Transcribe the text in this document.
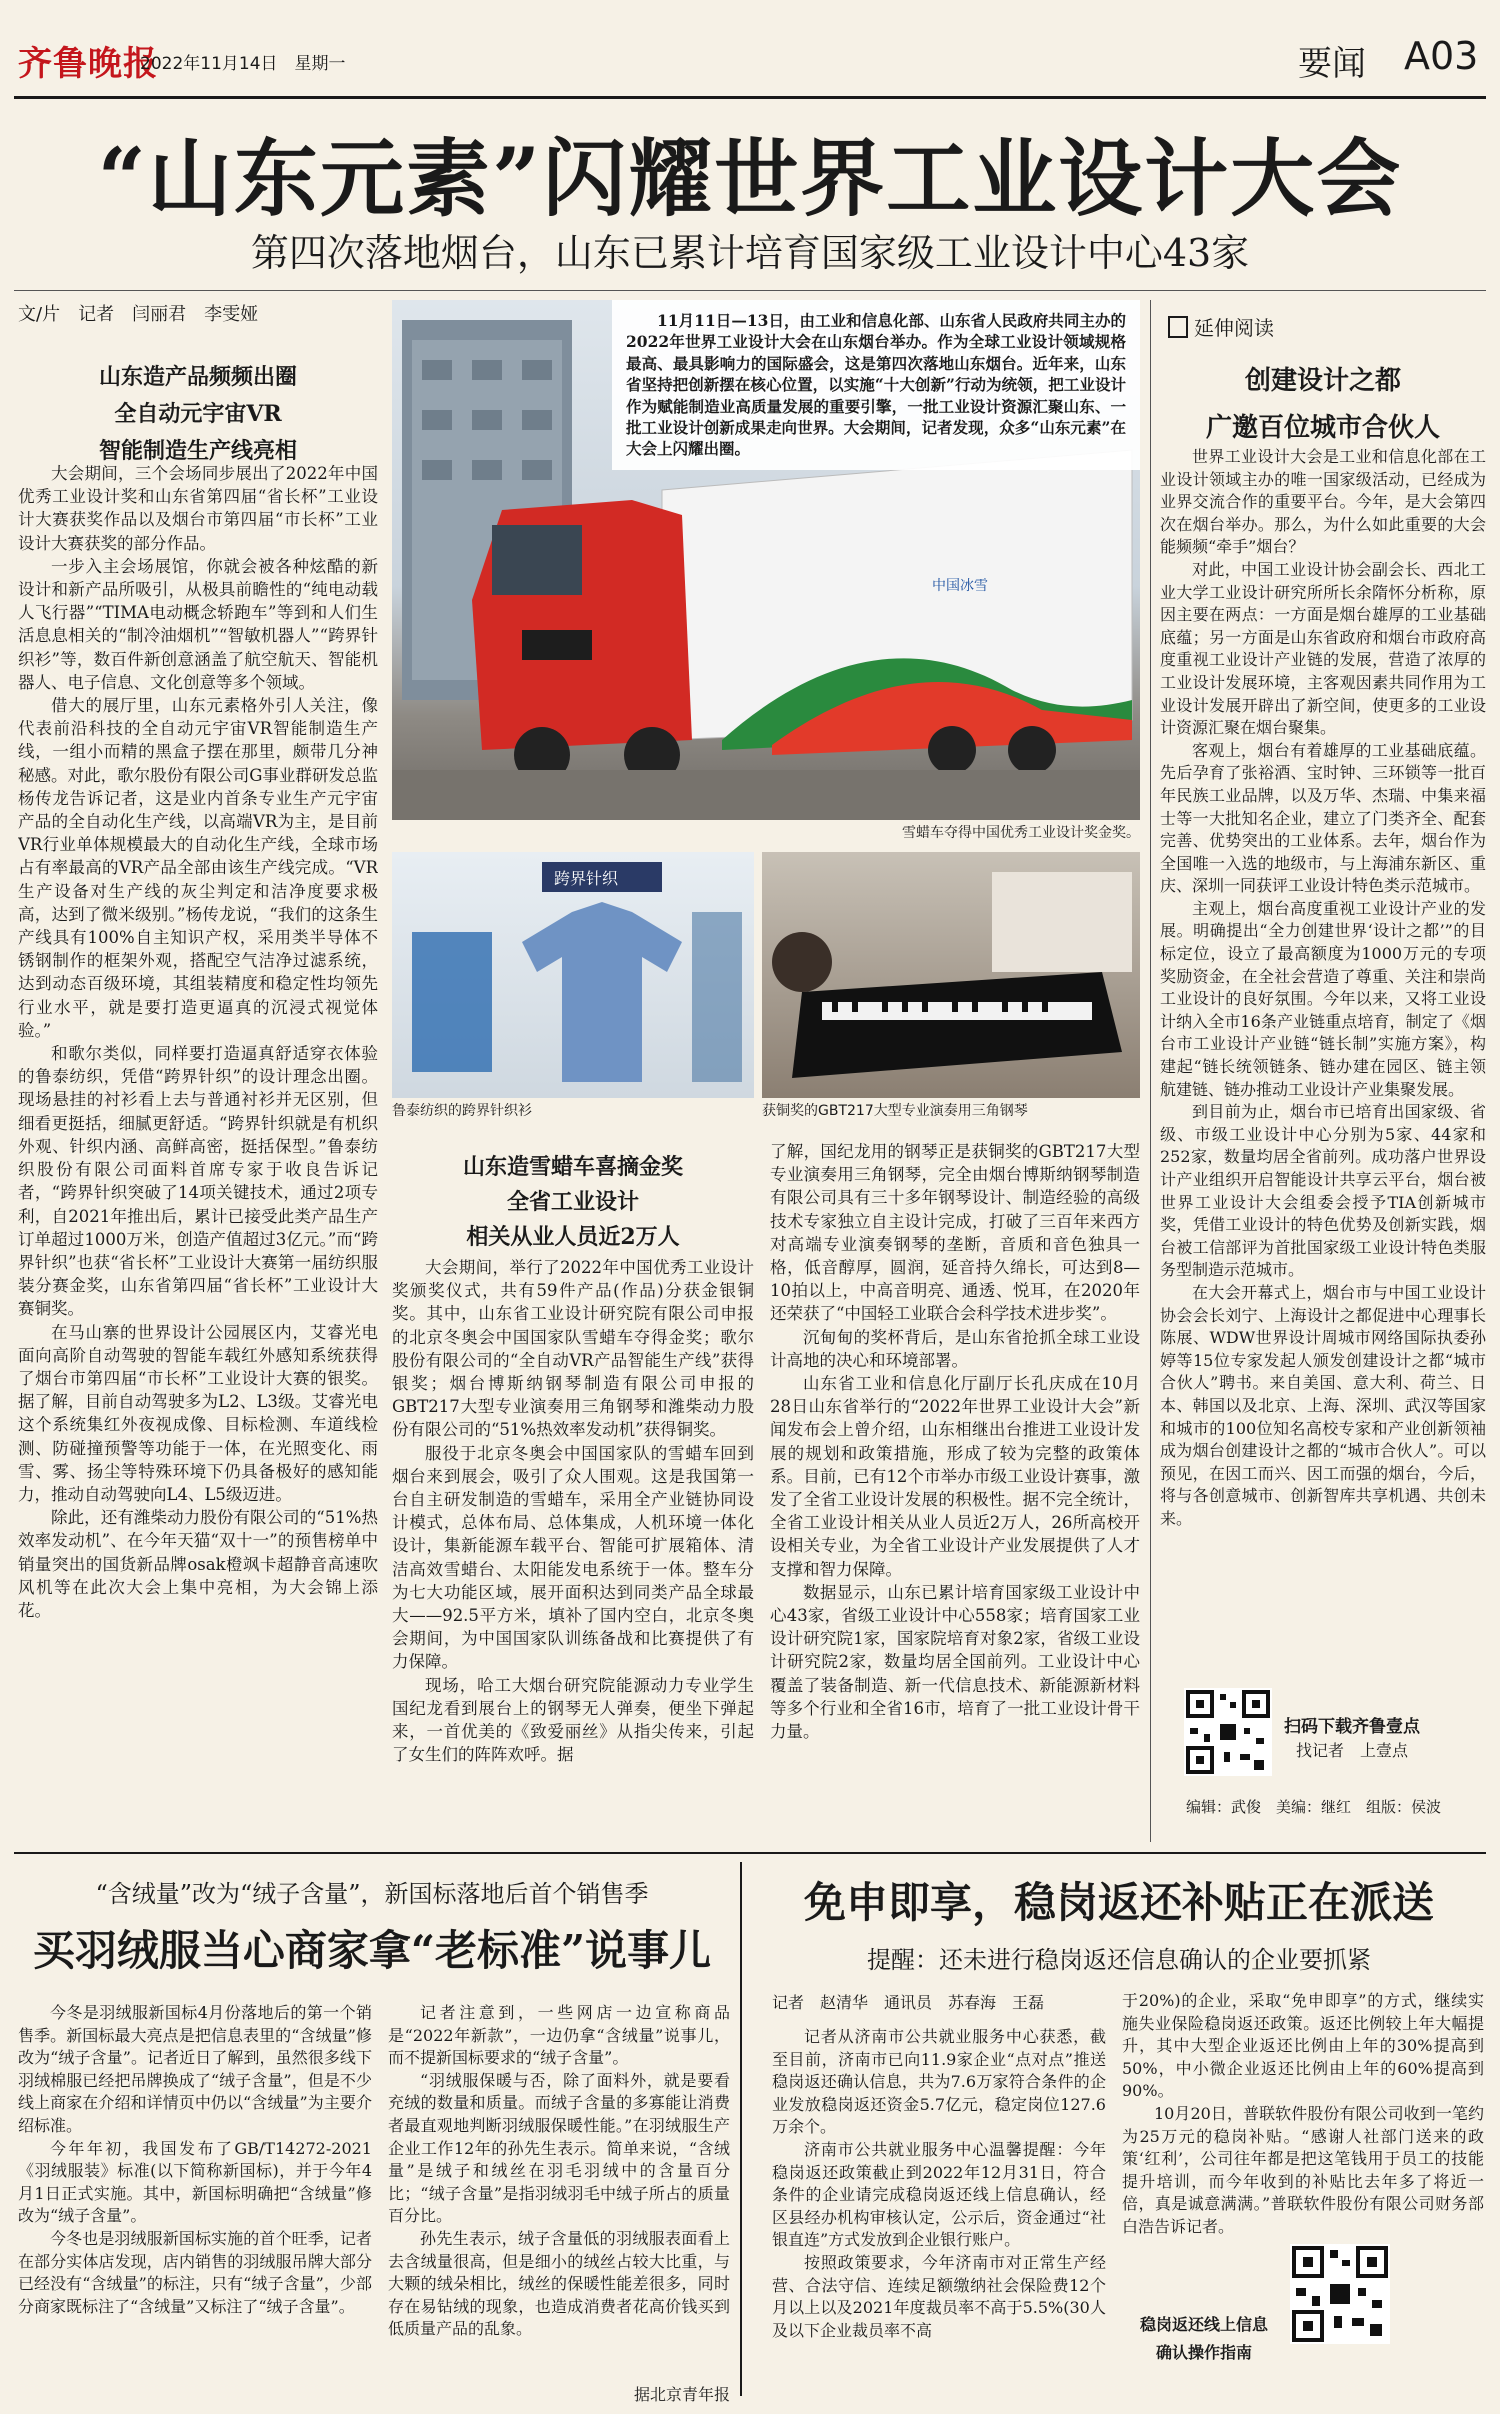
齐鲁晚报
2022年11月14日　星期一	要闻 A03
“山东元素”闪耀世界工业设计大会
第四次落地烟台，山东已累计培育国家级工业设计中心43家
文/片　记者　闫丽君　李雯娅
山东造产品频频出圈
全自动元宇宙VR
智能制造生产线亮相

大会期间，三个会场同步展出了2022年中国优秀工业设计奖和山东省第四届“省长杯”工业设计大赛获奖作品以及烟台市第四届“市长杯”工业设计大赛获奖的部分作品。

一步入主会场展馆，你就会被各种炫酷的新设计和新产品所吸引，从极具前瞻性的“纯电动载人飞行器”“TIMA电动概念轿跑车”等到和人们生活息息相关的“制冷油烟机”“智敏机器人”“跨界针织衫”等，数百件新创意涵盖了航空航天、智能机器人、电子信息、文化创意等多个领域。

借大的展厅里，山东元素格外引人关注，像代表前沿科技的全自动元宇宙VR智能制造生产线，一组小而精的黑盒子摆在那里，颇带几分神秘感。对此，歌尔股份有限公司G事业群研发总监杨传龙告诉记者，这是业内首条专业生产元宇宙产品的全自动化生产线，以高端VR为主，是目前VR行业单体规模最大的自动化生产线，全球市场占有率最高的VR产品全部由该生产线完成。“VR生产设备对生产线的灰尘判定和洁净度要求极高，达到了微米级别。”杨传龙说，“我们的这条生产线具有100%自主知识产权，采用类半导体不锈钢制作的框架外观，搭配空气洁净过滤系统，达到动态百级环境，其组装精度和稳定性均领先行业水平，就是要打造更逼真的沉浸式视觉体验。”

和歌尔类似，同样要打造逼真舒适穿衣体验的鲁泰纺织，凭借“跨界针织”的设计理念出圈。现场悬挂的衬衫看上去与普通衬衫并无区别，但细看更挺括，细腻更舒适。“跨界针织就是有机织外观、针织内涵、高鲜高密，挺括保型。”鲁泰纺织股份有限公司面料首席专家于收良告诉记者，“跨界针织突破了14项关键技术，通过2项专利，自2021年推出后，累计已接受此类产品生产订单超过1000万米，创造产值超过3亿元。”而“跨界针织”也获“省长杯”工业设计大赛第一届纺织服装分赛金奖，山东省第四届“省长杯”工业设计大赛铜奖。

在马山寨的世界设计公园展区内，艾睿光电面向高阶自动驾驶的智能车载红外感知系统获得了烟台市第四届“市长杯”工业设计大赛的银奖。据了解，目前自动驾驶多为L2、L3级。艾睿光电这个系统集红外夜视成像、目标检测、车道线检测、防碰撞预警等功能于一体，在光照变化、雨雪、雾、扬尘等特殊环境下仍具备极好的感知能力，推动自动驾驶向L4、L5级迈进。

除此，还有潍柴动力股份有限公司的“51%热效率发动机”、在今年天猫“双十一”的预售榜单中销量突出的国货新品牌osak橙飒卡超静音高速吹风机等在此次大会上集中亮相，为大会锦上添花。

中国冰雪

11月11日—13日，由工业和信息化部、山东省人民政府共同主办的2022年世界工业设计大会在山东烟台举办。作为全球工业设计领域规格最高、最具影响力的国际盛会，这是第四次落地山东烟台。近年来，山东省坚持把创新摆在核心位置，以实施“十大创新”行动为统领，把工业设计作为赋能制造业高质量发展的重要引擎，一批工业设计资源汇聚山东、一批工业设计创新成果走向世界。大会期间，记者发现，众多“山东元素”在大会上闪耀出圈。

雪蜡车夺得中国优秀工业设计奖金奖。
跨界针织
鲁泰纺织的跨界针织衫	获铜奖的GBT217大型专业演奏用三角钢琴
山东造雪蜡车喜摘金奖
全省工业设计
相关从业人员近2万人

大会期间，举行了2022年中国优秀工业设计奖颁奖仪式，共有59件产品(作品)分获金银铜奖。其中，山东省工业设计研究院有限公司申报的北京冬奥会中国国家队雪蜡车夺得金奖；歌尔股份有限公司的“全自动VR产品智能生产线”获得银奖；烟台博斯纳钢琴制造有限公司申报的GBT217大型专业演奏用三角钢琴和潍柴动力股份有限公司的“51%热效率发动机”获得铜奖。

服役于北京冬奥会中国国家队的雪蜡车回到烟台来到展会，吸引了众人围观。这是我国第一台自主研发制造的雪蜡车，采用全产业链协同设计模式，总体布局、总体集成，人机环境一体化设计，集新能源车载平台、智能可扩展箱体、清洁高效雪蜡台、太阳能发电系统于一体。整车分为七大功能区域，展开面积达到同类产品全球最大——92.5平方米，填补了国内空白，北京冬奥会期间，为中国国家队训练备战和比赛提供了有力保障。

现场，哈工大烟台研究院能源动力专业学生国纪龙看到展台上的钢琴无人弹奏，便坐下弹起来，一首优美的《致爱丽丝》从指尖传来，引起了女生们的阵阵欢呼。据

了解，国纪龙用的钢琴正是获铜奖的GBT217大型专业演奏用三角钢琴，完全由烟台博斯纳钢琴制造有限公司具有三十多年钢琴设计、制造经验的高级技术专家独立自主设计完成，打破了三百年来西方对高端专业演奏钢琴的垄断，音质和音色独具一格，低音醇厚，圆润，延音持久绵长，可达到8—10拍以上，中高音明亮、通透、悦耳，在2020年还荣获了“中国轻工业联合会科学技术进步奖”。

沉甸甸的奖杯背后，是山东省抢抓全球工业设计高地的决心和环境部署。

山东省工业和信息化厅副厅长孔庆成在10月28日山东省举行的“2022年世界工业设计大会”新闻发布会上曾介绍，山东相继出台推进工业设计发展的规划和政策措施，形成了较为完整的政策体系。目前，已有12个市举办市级工业设计赛事，激发了全省工业设计发展的积极性。据不完全统计，全省工业设计相关从业人员近2万人，26所高校开设相关专业，为全省工业设计产业发展提供了人才支撑和智力保障。

数据显示，山东已累计培育国家级工业设计中心43家，省级工业设计中心558家；培育国家工业设计研究院1家，国家院培育对象2家，省级工业设计研究院2家，数量均居全国前列。工业设计中心覆盖了装备制造、新一代信息技术、新能源新材料等多个行业和全省16市，培育了一批工业设计骨干力量。

延伸阅读
创建设计之都
广邀百位城市合伙人

世界工业设计大会是工业和信息化部在工业设计领域主办的唯一国家级活动，已经成为业界交流合作的重要平台。今年，是大会第四次在烟台举办。那么，为什么如此重要的大会能频频“牵手”烟台？

对此，中国工业设计协会副会长、西北工业大学工业设计研究所所长余隋怀分析称，原因主要在两点：一方面是烟台雄厚的工业基础底蕴；另一方面是山东省政府和烟台市政府高度重视工业设计产业链的发展，营造了浓厚的工业设计发展环境，主客观因素共同作用为工业设计发展开辟出了新空间，使更多的工业设计资源汇聚在烟台聚集。

客观上，烟台有着雄厚的工业基础底蕴。先后孕育了张裕酒、宝时钟、三环锁等一批百年民族工业品牌，以及万华、杰瑞、中集来福士等一大批知名企业，建立了门类齐全、配套完善、优势突出的工业体系。去年，烟台作为全国唯一入选的地级市，与上海浦东新区、重庆、深圳一同获评工业设计特色类示范城市。

主观上，烟台高度重视工业设计产业的发展。明确提出“全力创建世界‘设计之都’”的目标定位，设立了最高额度为1000万元的专项奖励资金，在全社会营造了尊重、关注和崇尚工业设计的良好氛围。今年以来，又将工业设计纳入全市16条产业链重点培育，制定了《烟台市工业设计产业链“链长制”实施方案》，构建起“链长统领链条、链办建在园区、链主领航建链、链办推动工业设计产业集聚发展。

到目前为止，烟台市已培育出国家级、省级、市级工业设计中心分别为5家、44家和252家，数量均居全省前列。成功落户世界设计产业组织开启智能设计共享云平台，烟台被世界工业设计大会组委会授予TIA创新城市奖，凭借工业设计的特色优势及创新实践，烟台被工信部评为首批国家级工业设计特色类服务型制造示范城市。

在大会开幕式上，烟台市与中国工业设计协会会长刘宁、上海设计之都促进中心理事长陈展、WDW世界设计周城市网络国际执委孙婷等15位专家发起人颁发创建设计之都“城市合伙人”聘书。来自美国、意大利、荷兰、日本、韩国以及北京、上海、深圳、武汉等国家和城市的100位知名高校专家和产业创新领袖成为烟台创建设计之都的“城市合伙人”。可以预见，在因工而兴、因工而强的烟台，今后，将与各创意城市、创新智库共享机遇、共创未来。

扫码下载齐鲁壹点
找记者　上壹点
编辑：武俊　美编：继红　组版：侯波
“含绒量”改为“绒子含量”，新国标落地后首个销售季
买羽绒服当心商家拿“老标准”说事儿

今冬是羽绒服新国标4月份落地后的第一个销售季。新国标最大亮点是把信息表里的“含绒量”修改为“绒子含量”。记者近日了解到，虽然很多线下羽绒棉服已经把吊牌换成了“绒子含量”，但是不少线上商家在介绍和详情页中仍以“含绒量”为主要介绍标准。

今年年初，我国发布了GB/T14272-2021《羽绒服装》标准(以下简称新国标)，并于今年4月1日正式实施。其中，新国标明确把“含绒量”修改为“绒子含量”。

今冬也是羽绒服新国标实施的首个旺季，记者在部分实体店发现，店内销售的羽绒服吊牌大部分已经没有“含绒量”的标注，只有“绒子含量”，少部分商家既标注了“含绒量”又标注了“绒子含量”。

记者注意到，一些网店一边宣称商品是“2022年新款”，一边仍拿“含绒量”说事儿，而不提新国标要求的“绒子含量”。

“羽绒服保暖与否，除了面料外，就是要看充绒的数量和质量。而绒子含量的多寡能让消费者最直观地判断羽绒服保暖性能。”在羽绒服生产企业工作12年的孙先生表示。简单来说，“含绒量”是绒子和绒丝在羽毛羽绒中的含量百分比；“绒子含量”是指羽绒羽毛中绒子所占的质量百分比。

孙先生表示，绒子含量低的羽绒服表面看上去含绒量很高，但是细小的绒丝占较大比重，与大颗的绒朵相比，绒丝的保暖性能差很多，同时存在易钻绒的现象，也造成消费者花高价钱买到低质量产品的乱象。

据北京青年报
免申即享，稳岗返还补贴正在派送
提醒：还未进行稳岗返还信息确认的企业要抓紧
记者　赵清华　通讯员　苏春海　王磊

记者从济南市公共就业服务中心获悉，截至目前，济南市已向11.9家企业“点对点”推送稳岗返还确认信息，共为7.6万家符合条件的企业发放稳岗返还资金5.7亿元，稳定岗位127.6万余个。

济南市公共就业服务中心温馨提醒：今年稳岗返还政策截止到2022年12月31日，符合条件的企业请完成稳岗返还线上信息确认，经区县经办机构审核认定，公示后，资金通过“社银直连”方式发放到企业银行账户。

按照政策要求，今年济南市对正常生产经营、合法守信、连续足额缴纳社会保险费12个月以上以及2021年度裁员率不高于5.5%(30人及以下企业裁员率不高

于20%)的企业，采取“免申即享”的方式，继续实施失业保险稳岗返还政策。返还比例较上年大幅提升，其中大型企业返还比例由上年的30%提高到50%，中小微企业返还比例由上年的60%提高到90%。

10月20日，普联软件股份有限公司收到一笔约为25万元的稳岗补贴。“感谢人社部门送来的政策‘红利’，公司往年都是把这笔钱用于员工的技能提升培训，而今年收到的补贴比去年多了将近一倍，真是诚意满满。”普联软件股份有限公司财务部白浩告诉记者。

稳岗返还线上信息
确认操作指南
